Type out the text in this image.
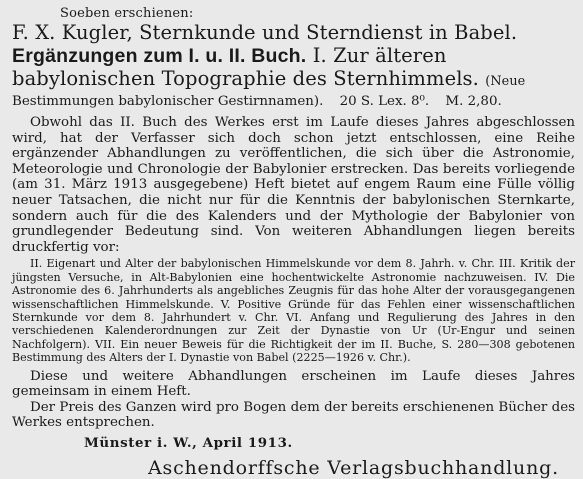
Soeben erschienen:
F. X. Kugler, Sternkunde und Sterndienst in Babel.
Ergänzungen zum I. u. II. Buch. I. Zur älteren
babylonischen Topographie des Sternhimmels. (Neue
Bestimmungen babylonischer Gestirnnamen). 20 S. Lex. 8⁰. M. 2,80.

Obwohl das II. Buch des Werkes erst im Laufe dieses Jahres abgeschlossen wird, hat der Verfasser sich doch schon jetzt entschlossen, eine Reihe ergänzender Abhandlungen zu veröffentlichen, die sich über die Astronomie, Meteorologie und Chronologie der Babylonier erstrecken. Das bereits vorliegende (am 31. März 1913 ausgegebene) Heft bietet auf engem Raum eine Fülle völlig neuer Tatsachen, die nicht nur für die Kenntnis der babylonischen Sternkarte, sondern auch für die des Kalenders und der Mythologie der Babylonier von grundlegender Bedeutung sind. Von weiteren Abhandlungen liegen bereits druckfertig vor:

II. Eigenart und Alter der babylonischen Himmelskunde vor dem 8. Jahrh. v. Chr. III. Kritik der jüngsten Versuche, in Alt-Babylonien eine hochentwickelte Astronomie nachzuweisen. IV. Die Astronomie des 6. Jahrhunderts als angebliches Zeugnis für das hohe Alter der vorausgegangenen wissenschaftlichen Himmelskunde. V. Positive Gründe für das Fehlen einer wissenschaftlichen Sternkunde vor dem 8. Jahrhundert v. Chr. VI. Anfang und Regulierung des Jahres in den verschiedenen Kalenderordnungen zur Zeit der Dynastie von Ur (Ur-Engur und seinen Nachfolgern). VII. Ein neuer Beweis für die Richtigkeit der im II. Buche, S. 280—308 gebotenen Bestimmung des Alters der I. Dynastie von Babel (2225—1926 v. Chr.).

Diese und weitere Abhandlungen erscheinen im Laufe dieses Jahres gemeinsam in einem Heft.

Der Preis des Ganzen wird pro Bogen dem der bereits erschienenen Bücher des Werkes entsprechen.

Münster i. W., April 1913.
Aschendorffsche Verlagsbuchhandlung.
